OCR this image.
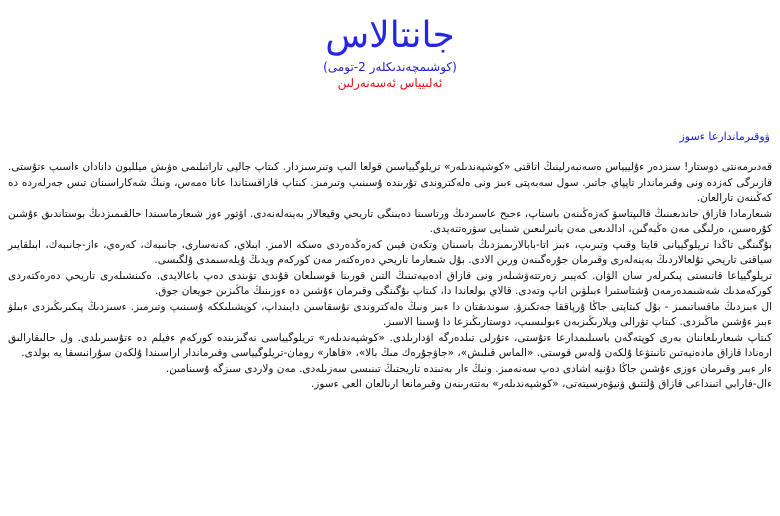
جانتالاس
(كوشىمچەندىكلەر 2-تومى)
ئەلىيياس ئەسەنەرلىن
ۋوقىرماندارعا ءسوز

قەدىرمەنتى دوستار! سىزدەر ءۇلييياس ەسەنبەرلينىڭ اتاقتى «كوشپەندىلەر» تريلوگيياسىن قولعا الىپ وتىرسىزدار. كىتاپ جالپى تاراتىلىمى ەۋىش ميلليون دانادان ءاسىپ ءتۇستى. قازىرگى كەزدە ونى وقىرماندار تاپپاي جاتىر. سول سەبەپتى ءبىز ونى ەلەكتروندى تۇرىندە ۇسىنىپ وتىرمىز. كىتاپ قازاقستاندا عانا ەمەس، ونىڭ شەكاراسىنان تىس جەرلەردە دە كەڭىنەن تارالعان.

شىعارمادا قازاق حاندىعىنىڭ قالىپتاسۋ كەزەڭىنەن باستاپ، ءحىح عاسىردىڭ ورتاسىنا دەيىنگى تاريحي وقيعالار بەينەلەنەدى. اۆتور ءوز شىعارماسىندا حالقىمىزدىڭ بوستاندىق ءۇشىن كۇرەسىن، ەرلىگى مەن ەڭبەگىن، ادالدىعى مەن باتىرلىعىن شىنايى سۋرەتتەيدى.

بۇگىنگى تاڭدا تريلوگييانى قايتا وقىپ وتىرىپ، ءبىز اتا-بابالارىمىزدىڭ باسىنان وتكەن قيىن كەزەڭدەردى ەسكە الامىز. ابىلاي، كەنەسارى، جانىبەك، كەرەي، ءاز-جانىبەك، ابىلقايىر سياقتى تاريحي تۇلعالاردىڭ بەينەلەرى وقىرمان جۇرەگىنەن ورىن الادى. بۇل شىعارما تاريحي دەرەكتەر مەن كوركەم ويدىڭ ۇيلەسىمدى ۇلگىسى.

تريلوگيياعا قاتىستى پىكىرلەر سان الۋان. كەيبىر زەرتتەۋشىلەر ونى قازاق ادەبيەتىنىڭ التىن قورىنا قوسىلعان قۇندى تۋىندى دەپ باعالايدى. ەكىنشىلەرى تاريحي دەرەكتەردى كوركەمدىك شەشىمدەرمەن ۇشتاستىرا ءبىلۋىن اتاپ وتەدى. قالاي بولعاندا دا، كىتاپ بۇگىنگى وقىرمان ءۇشىن دە ءوزىنىڭ ماڭىزىن جويعان جوق.

ال ءبىزدىڭ ماقساتىمىز - بۇل كىتاپتى جاڭا ۇرپاققا جەتكىزۋ. سوندىقتان دا ءبىز ونىڭ ەلەكتروندى نۇسقاسىن دايىنداپ، كوپشىلىككە ۇسىنىپ وتىرمىز. ءسىزدىڭ پىكىرىڭىزدى ءبىلۋ ءبىز ءۇشىن ماڭىزدى. كىتاپ تۋرالى ويلارىڭىزبەن ءبولىسىپ، دوستارىڭىزعا دا ۇسىنا الاسىز.

كىتاپ شىعارىلعاننان بەرى كوپتەگەن باسىلىمدارعا ءتۇستى، ءتۇرلى تىلدەرگە اۋدارىلدى. «كوشپەندىلەر» تريلوگيياسى نەگىزىندە كوركەم ءفيلم دە ءتۇسىرىلدى. ول حالىقارالىق ارەنادا قازاق مادەنيەتىن تانىتۋعا ۇلكەن ۇلەس قوستى. «الماس قىلىش»، «جاۋجۇرەك مىڭ بالا»، «قاھار» رومان-تريلوگيياسى وقىرماندار اراسىندا ۇلكەن سۇرانىسقا يە بولدى.

ءار ءبىر وقىرمان ءوزى ءۇشىن جاڭا دۇنيە اشادى دەپ سەنەمىز. ونىڭ ءار بەتىندە تاريحتىڭ تىنىسى سەزىلەدى. مەن ولاردى سىزگە ۇسىنامىن.

ءال-فارابي اتىنداعى قازاق ۇلتتىق ۋنيۆەرسيتەتى، «كوشپەندىلەر» بەتتەرىنەن وقىرمانعا ارنالعان العى ءسوز.
